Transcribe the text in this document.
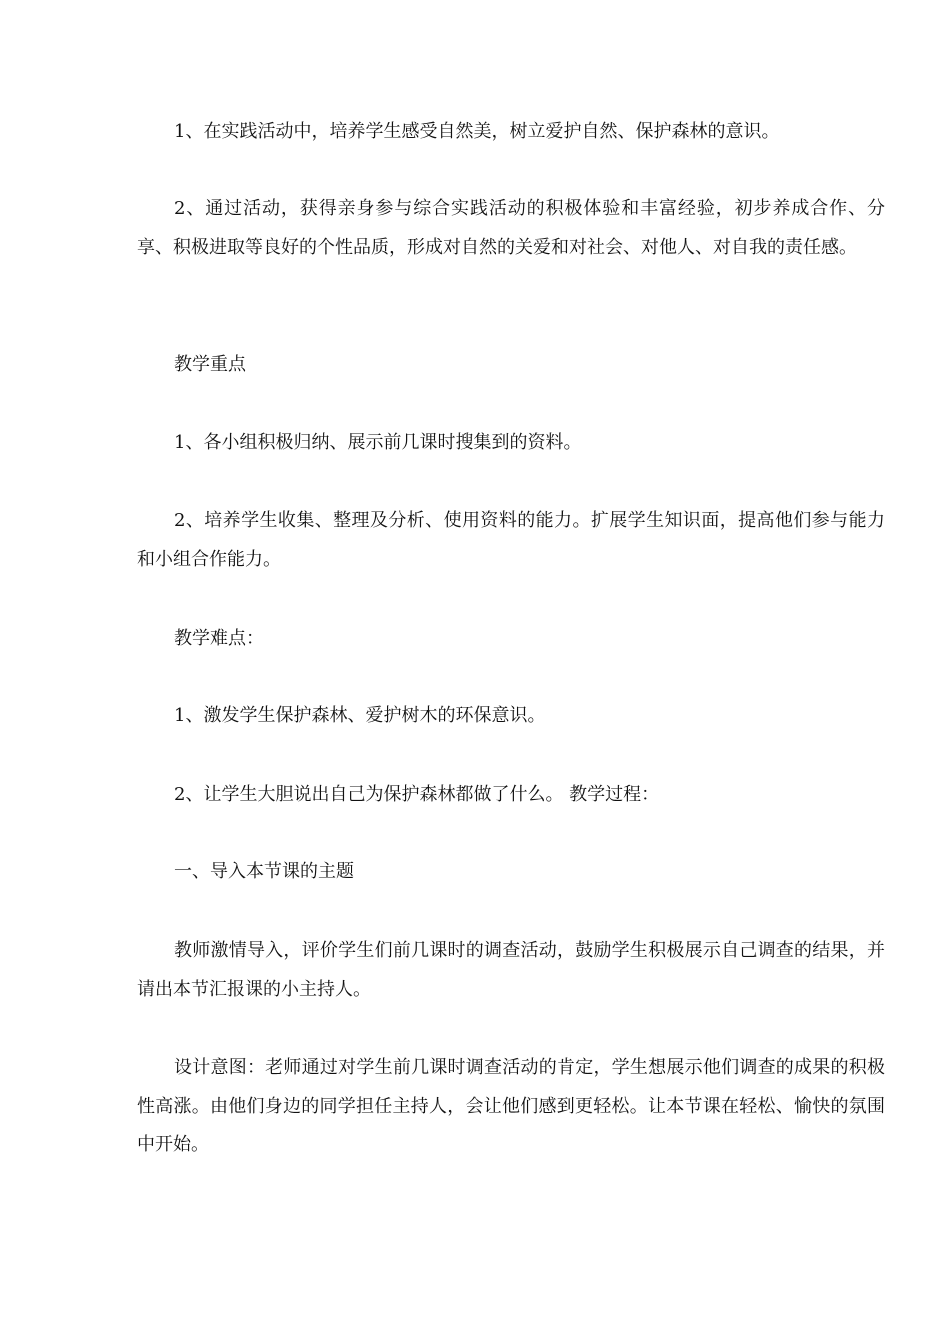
1、在实践活动中，培养学生感受自然美，树立爱护自然、保护森林的意识。

2、通过活动，获得亲身参与综合实践活动的积极体验和丰富经验，初步养成合作、分享、积极进取等良好的个性品质，形成对自然的关爱和对社会、对他人、对自我的责任感。

教学重点

1、各小组积极归纳、展示前几课时搜集到的资料。

2、培养学生收集、整理及分析、使用资料的能力。扩展学生知识面，提高他们参与能力和小组合作能力。

教学难点：

1、激发学生保护森林、爱护树木的环保意识。

2、让学生大胆说出自己为保护森林都做了什么。 教学过程：

一、导入本节课的主题

教师激情导入，评价学生们前几课时的调查活动，鼓励学生积极展示自己调查的结果，并请出本节汇报课的小主持人。

设计意图：老师通过对学生前几课时调查活动的肯定，学生想展示他们调查的成果的积极性高涨。由他们身边的同学担任主持人，会让他们感到更轻松。让本节课在轻松、愉快的氛围中开始。
